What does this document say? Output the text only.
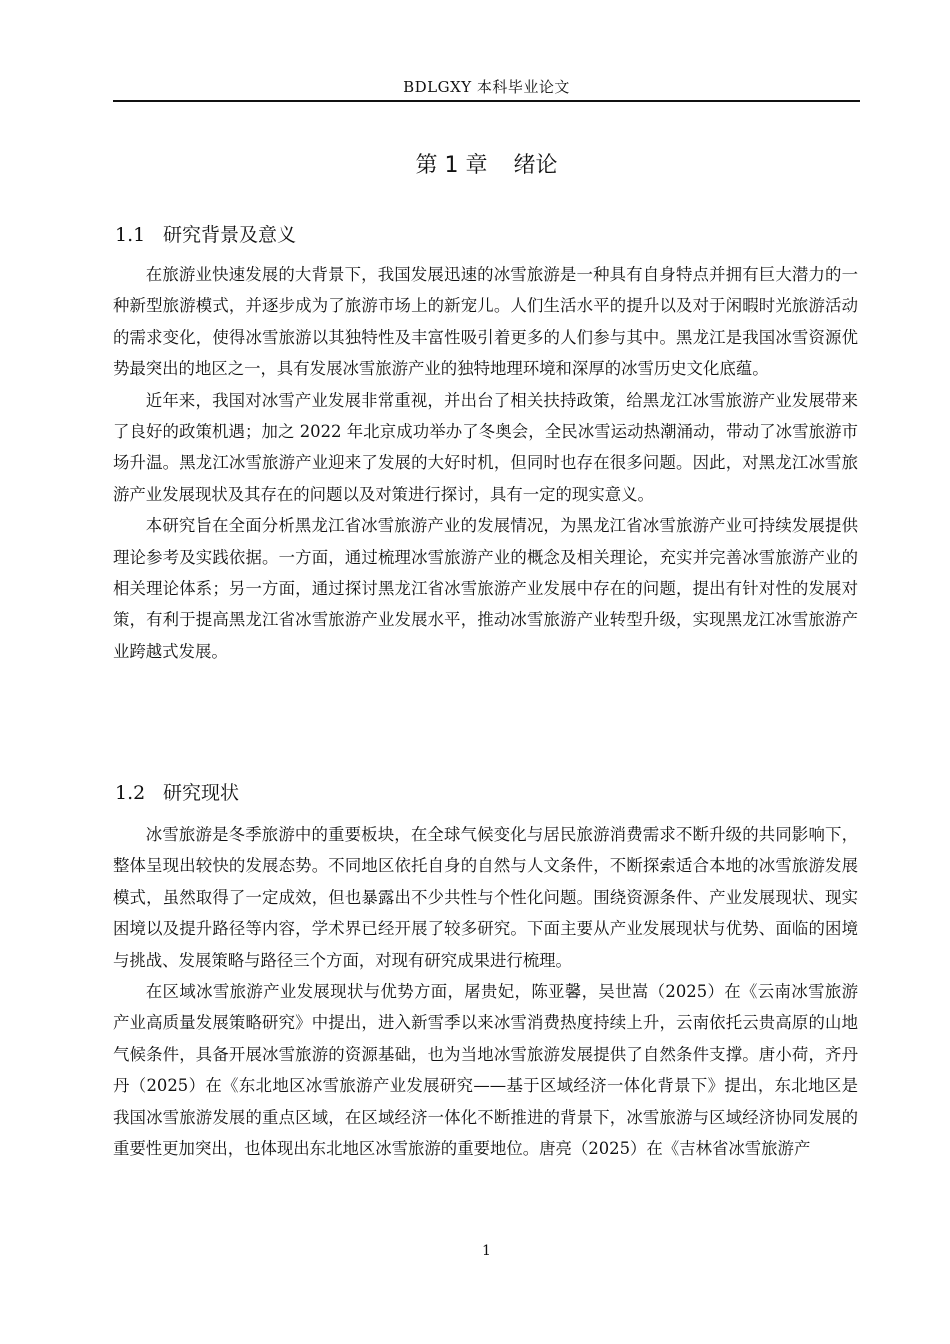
BDLGXY 本科毕业论文
第 1 章 绪论
1.1 研究背景及意义

在旅游业快速发展的大背景下，我国发展迅速的冰雪旅游是一种具有自身特点并拥有巨大潜力的一种新型旅游模式，并逐步成为了旅游市场上的新宠儿。人们生活水平的提升以及对于闲暇时光旅游活动的需求变化，使得冰雪旅游以其独特性及丰富性吸引着更多的人们参与其中。黑龙江是我国冰雪资源优势最突出的地区之一，具有发展冰雪旅游产业的独特地理环境和深厚的冰雪历史文化底蕴。

近年来，我国对冰雪产业发展非常重视，并出台了相关扶持政策，给黑龙江冰雪旅游产业发展带来了良好的政策机遇；加之 2022 年北京成功举办了冬奥会，全民冰雪运动热潮涌动，带动了冰雪旅游市场升温。黑龙江冰雪旅游产业迎来了发展的大好时机，但同时也存在很多问题。因此，对黑龙江冰雪旅游产业发展现状及其存在的问题以及对策进行探讨，具有一定的现实意义。

本研究旨在全面分析黑龙江省冰雪旅游产业的发展情况，为黑龙江省冰雪旅游产业可持续发展提供理论参考及实践依据。一方面，通过梳理冰雪旅游产业的概念及相关理论，充实并完善冰雪旅游产业的相关理论体系；另一方面，通过探讨黑龙江省冰雪旅游产业发展中存在的问题，提出有针对性的发展对策，有利于提高黑龙江省冰雪旅游产业发展水平，推动冰雪旅游产业转型升级，实现黑龙江冰雪旅游产业跨越式发展。

1.2 研究现状

冰雪旅游是冬季旅游中的重要板块，在全球气候变化与居民旅游消费需求不断升级的共同影响下，整体呈现出较快的发展态势。不同地区依托自身的自然与人文条件，不断探索适合本地的冰雪旅游发展模式，虽然取得了一定成效，但也暴露出不少共性与个性化问题。围绕资源条件、产业发展现状、现实困境以及提升路径等内容，学术界已经开展了较多研究。下面主要从产业发展现状与优势、面临的困境与挑战、发展策略与路径三个方面，对现有研究成果进行梳理。

在区域冰雪旅游产业发展现状与优势方面，屠贵妃，陈亚馨，吴世嵩（2025）在《云南冰雪旅游产业高质量发展策略研究》中提出，进入新雪季以来冰雪消费热度持续上升，云南依托云贵高原的山地气候条件，具备开展冰雪旅游的资源基础，也为当地冰雪旅游发展提供了自然条件支撑。唐小荷，齐丹丹（2025）在《东北地区冰雪旅游产业发展研究——基于区域经济一体化背景下》提出，东北地区是我国冰雪旅游发展的重点区域，在区域经济一体化不断推进的背景下，冰雪旅游与区域经济协同发展的重要性更加突出，也体现出东北地区冰雪旅游的重要地位。唐亮（2025）在《吉林省冰雪旅游产

1
